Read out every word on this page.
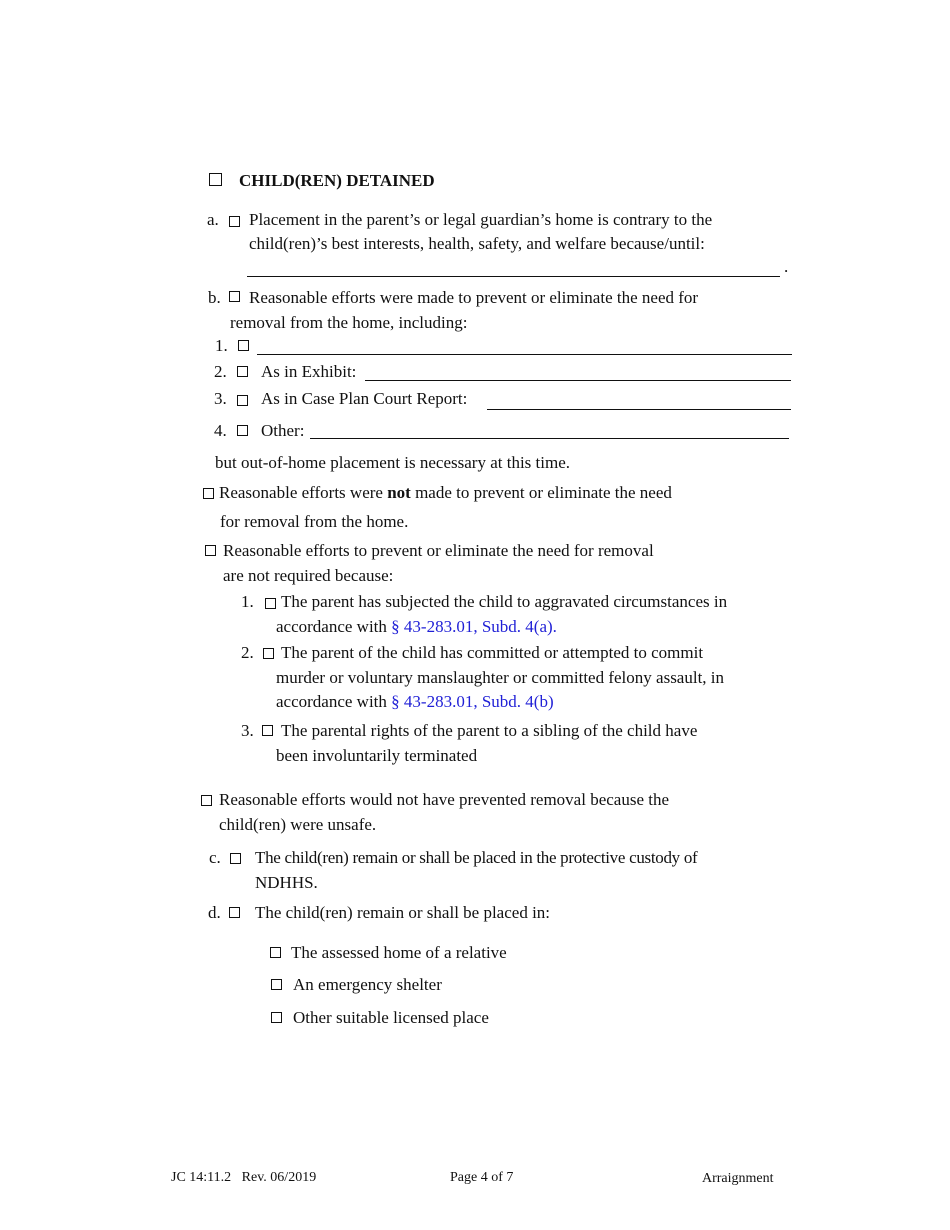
CHILD(REN) DETAINED
a. Placement in the parent’s or legal guardian’s home is contrary to the
child(ren)’s best interests, health, safety, and welfare because/until:
.
b. Reasonable efforts were made to prevent or eliminate the need for
removal from the home, including:
1.
2. As in Exhibit:
3. As in Case Plan Court Report:
4. Other:
but out-of-home placement is necessary at this time.
Reasonable efforts were not made to prevent or eliminate the need
for removal from the home.
Reasonable efforts to prevent or eliminate the need for removal
are not required because:
1. The parent has subjected the child to aggravated circumstances in
accordance with § 43-283.01, Subd. 4(a).
2. The parent of the child has committed or attempted to commit
murder or voluntary manslaughter or committed felony assault, in
accordance with § 43-283.01, Subd. 4(b)
3. The parental rights of the parent to a sibling of the child have
been involuntarily terminated
Reasonable efforts would not have prevented removal because the
child(ren) were unsafe.
c. The child(ren) remain or shall be placed in the protective custody of
NDHHS.
d. The child(ren) remain or shall be placed in:
The assessed home of a relative
An emergency shelter
Other suitable licensed place
JC 14:11.2   Rev. 06/2019	Page 4 of 7	Arraignment
